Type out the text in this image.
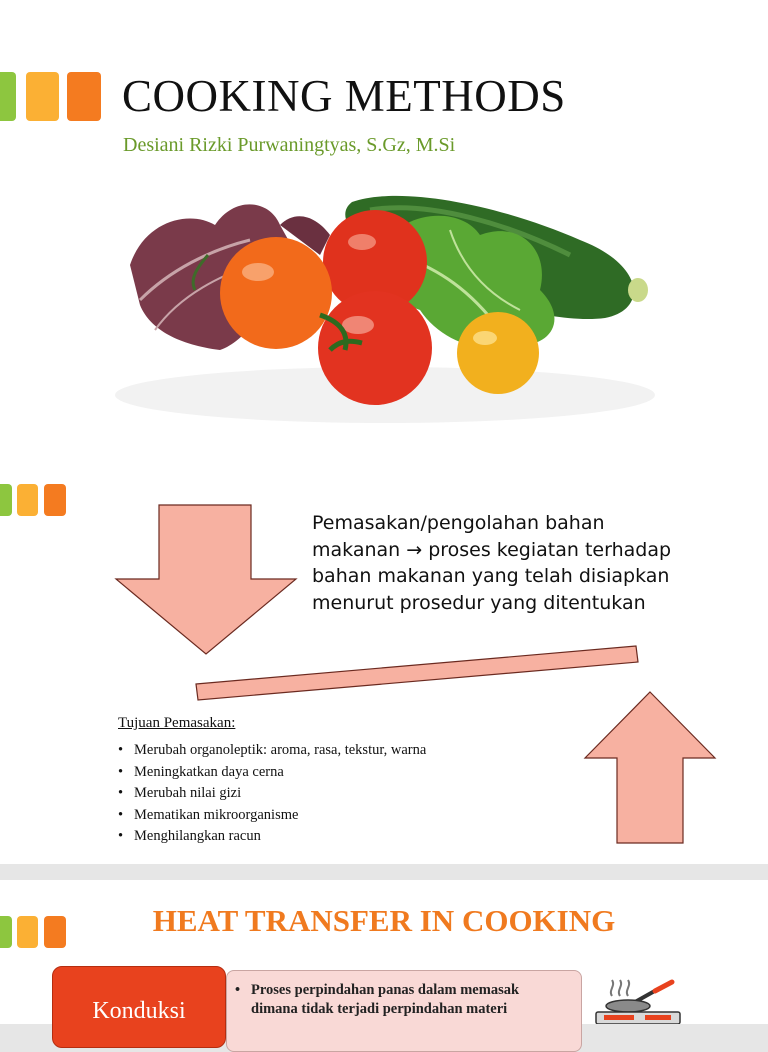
COOKING METHODS

Desiani Rizki Purwaningtyas, S.Gz, M.Si

Pemasakan/pengolahan bahan
makanan → proses kegiatan terhadap
bahan makanan yang telah disiapkan
menurut prosedur yang ditentukan

Tujuan Pemasakan:

• Merubah organoleptik: aroma, rasa, tekstur, warna
• Meningkatkan daya cerna
• Merubah nilai gizi
• Mematikan mikroorganisme
• Menghilangkan racun
HEAT TRANSFER IN COOKING
Konduksi

• Proses perpindahan panas dalam memasak
dimana tidak terjadi perpindahan materi
